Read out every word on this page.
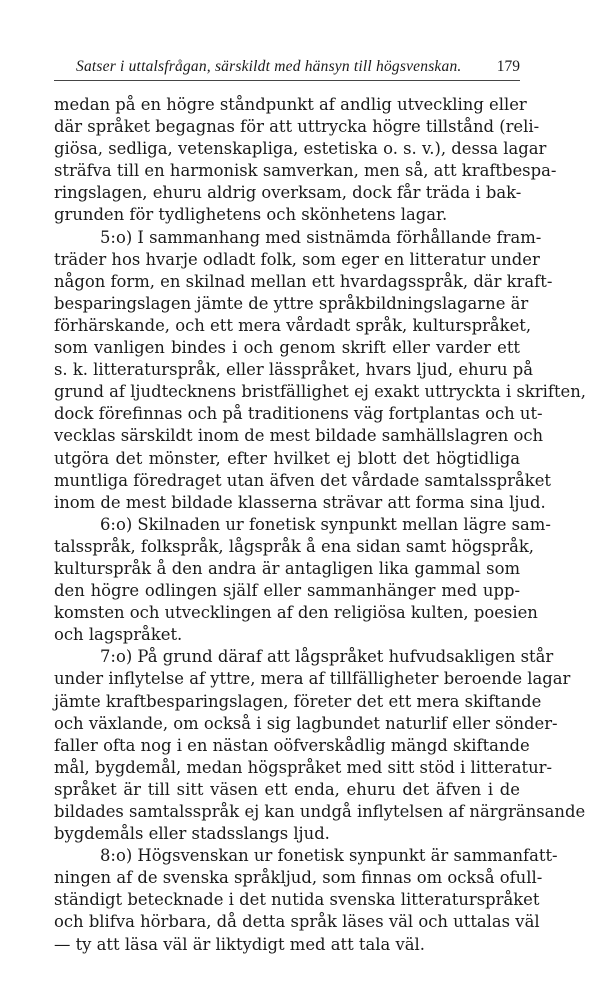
Satser i uttalsfrågan, särskildt med hänsyn till högsvenskan. 179
medan på en högre ståndpunkt af andlig utveckling eller
där språket begagnas för att uttrycka högre tillstånd (reli-
giösa, sedliga, vetenskapliga, estetiska o. s. v.), dessa lagar
sträfva till en harmonisk samverkan, men så, att kraftbespa-
ringslagen, ehuru aldrig overksam, dock får träda i bak-
grunden för tydlighetens och skönhetens lagar.
5:o) I sammanhang med sistnämda förhållande fram-
träder hos hvarje odladt folk, som eger en litteratur under
någon form, en skilnad mellan ett hvardagsspråk, där kraft-
besparingslagen jämte de yttre språkbildningslagarne är
förhärskande, och ett mera vårdadt språk, kulturspråket,
som vanligen bindes i och genom skrift eller varder ett
s. k. litteraturspråk, eller lässpråket, hvars ljud, ehuru på
grund af ljudtecknens bristfällighet ej exakt uttryckta i skriften,
dock förefinnas och på traditionens väg fortplantas och ut-
vecklas särskildt inom de mest bildade samhällslagren och
utgöra det mönster, efter hvilket ej blott det högtidliga
muntliga föredraget utan äfven det vårdade samtalsspråket
inom de mest bildade klasserna strävar att forma sina ljud.
6:o) Skilnaden ur fonetisk synpunkt mellan lägre sam-
talsspråk, folkspråk, lågspråk å ena sidan samt högspråk,
kulturspråk å den andra är antagligen lika gammal som
den högre odlingen själf eller sammanhänger med upp-
komsten och utvecklingen af den religiösa kulten, poesien
och lagspråket.
7:o) På grund däraf att lågspråket hufvudsakligen står
under inflytelse af yttre, mera af tillfälligheter beroende lagar
jämte kraftbesparingslagen, företer det ett mera skiftande
och växlande, om också i sig lagbundet naturlif eller sönder-
faller ofta nog i en nästan oöfverskådlig mängd skiftande
mål, bygdemål, medan högspråket med sitt stöd i litteratur-
språket är till sitt väsen ett enda, ehuru det äfven i de
bildades samtalsspråk ej kan undgå inflytelsen af närgränsande
bygdemåls eller stadsslangs ljud.
8:o) Högsvenskan ur fonetisk synpunkt är sammanfatt-
ningen af de svenska språkljud, som finnas om också ofull-
ständigt betecknade i det nutida svenska litteraturspråket
och blifva hörbara, då detta språk läses väl och uttalas väl
— ty att läsa väl är liktydigt med att tala väl.
